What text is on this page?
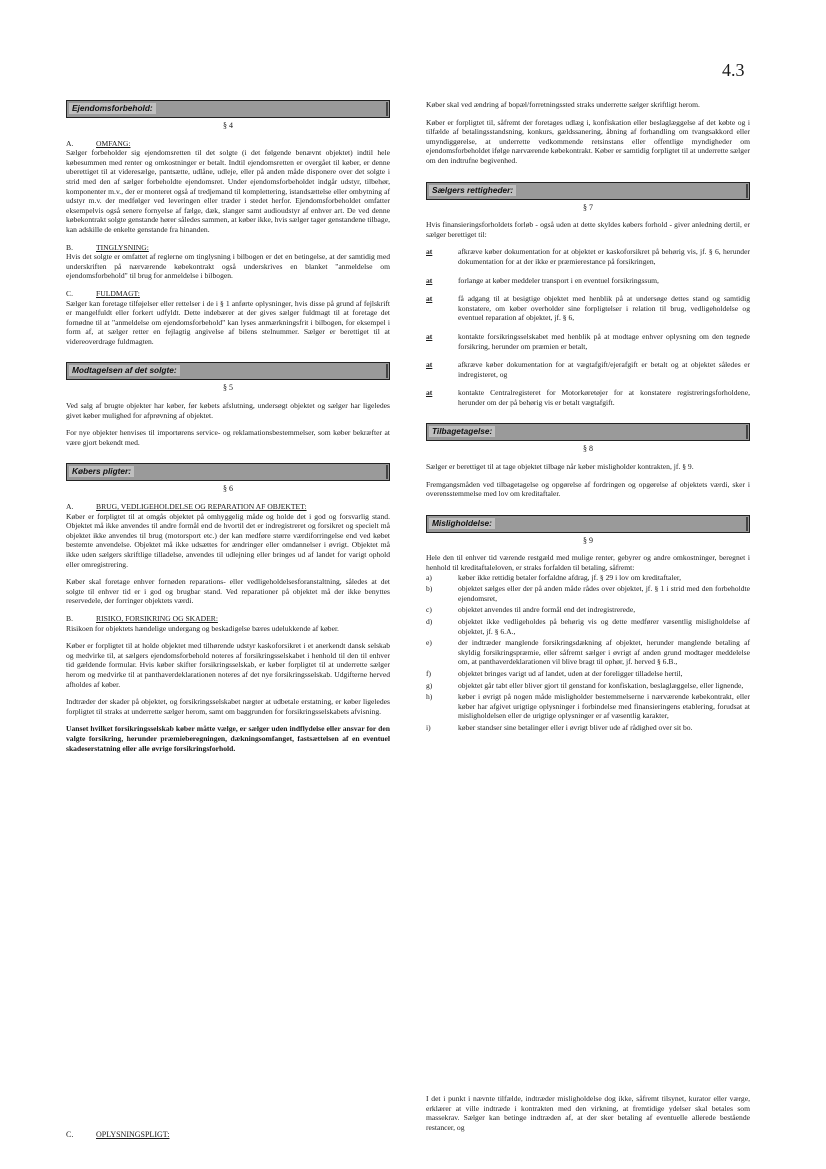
4.3
Ejendomsforbehold:
§ 4
A.	OMFANG:

Sælger forbeholder sig ejendomsretten til det solgte (i det følgende benævnt objektet) indtil hele købesummen med renter og omkostninger er betalt. Indtil ejendomsretten er overgået til køber, er denne uberettiget til at videresælge, pantsætte, udlåne, udleje, eller på anden måde disponere over det solgte i strid med den af sælger forbeholdte ejendomsret. Under ejendomsforbeholdet indgår udstyr, tilbehør, komponenter m.v., der er monteret også af tredjemand til komplettering, istandsættelse eller ombytning af udstyr m.v. der medfølger ved leveringen eller træder i stedet herfor. Ejendomsforbeholdet omfatter eksempelvis også senere fornyelse af fælge, dæk, slanger samt audioudstyr af enhver art. De ved denne købekontrakt solgte genstande hører således sammen, at køber ikke, hvis sælger tager genstandene tilbage, kan adskille de enkelte genstande fra hinanden.

B.	TINGLYSNING:

Hvis det solgte er omfattet af reglerne om tinglysning i bilbogen er det en betingelse, at der samtidig med underskriften på nærværende købekontrakt også underskrives en blanket "anmeldelse om ejendomsforbehold" til brug for anmeldelse i bilbogen.

C.	FULDMAGT:

Sælger kan foretage tilføjelser eller rettelser i de i § 1 anførte oplysninger, hvis disse på grund af fejlskrift er mangelfuldt eller forkert udfyldt. Dette indebærer at der gives sælger fuldmagt til at foretage det fornødne til at "anmeldelse om ejendomsforbehold" kan lyses anmærkningsfrit i bilbogen, for eksempel i form af, at sælger retter en fejlagtig angivelse af bilens stelnummer. Sælger er berettiget til at videreoverdrage fuldmagten.

Modtagelsen af det solgte:
§ 5

Ved salg af brugte objekter har køber, før købets afslutning, undersøgt objektet og sælger har ligeledes givet køber mulighed for afprøvning af objektet.

For nye objekter henvises til importørens service- og reklamationsbestemmelser, som køber bekræfter at være gjort bekendt med.

Købers pligter:
§ 6
A.	BRUG, VEDLIGEHOLDELSE OG REPARATION AF OBJEKTET:

Køber er forpligtet til at omgås objektet på omhyggelig måde og holde det i god og forsvarlig stand. Objektet må ikke anvendes til andre formål end de hvortil det er indregistreret og forsikret og specielt må objektet ikke anvendes til brug (motorsport etc.) der kan medføre større værdiforringelse end ved købet bestemte anvendelse. Objektet må ikke udsættes for ændringer eller omdannelser i øvrigt. Objektet må ikke uden sælgers skriftlige tilladelse, anvendes til udlejning eller bringes ud af landet for varigt ophold eller omregistrering.

Køber skal foretage enhver fornøden reparations- eller vedligeholdelsesforanstaltning, således at det solgte til enhver tid er i god og brugbar stand. Ved reparationer på objektet må der ikke benyttes reservedele, der forringer objektets værdi.

B.	RISIKO, FORSIKRING OG SKADER:

Risikoen for objektets hændelige undergang og beskadigelse bæres udelukkende af køber.

Køber er forpligtet til at holde objektet med tilhørende udstyr kaskoforsikret i et anerkendt dansk selskab og medvirke til, at sælgers ejendomsforbehold noteres af forsikringsselskabet i henhold til den til enhver tid gældende formular. Hvis køber skifter forsikringsselskab, er køber forpligtet til at underrette sælger herom og medvirke til at panthaverdeklarationen noteres af det nye forsikringsselskab. Udgifterne herved afholdes af køber.

Indtræder der skader på objektet, og forsikringsselskabet nægter at udbetale erstatning, er køber ligeledes forpligtet til straks at underrette sælger herom, samt om baggrunden for forsikringsselskabets afvisning.

Uanset hvilket forsikringsselskab køber måtte vælge, er sælger uden indflydelse eller ansvar for den valgte forsikring, herunder præmieberegningen, dækningsomfanget, fastsættelsen af en eventuel skadeserstatning eller alle øvrige forsikringsforhold.

C.	OPLYSNINGSPLIGT:

Køber skal ved ændring af bopæl/forretningssted straks underrette sælger skriftligt herom.

Køber er forpligtet til, såfremt der foretages udlæg i, konfiskation eller beslaglæggelse af det købte og i tilfælde af betalingsstandsning, konkurs, gældssanering, åbning af forhandling om tvangsakkord eller umyndiggørelse, at underrette vedkommende retsinstans eller offentlige myndigheder om ejendomsforbeholdet ifølge nærværende købekontrakt. Køber er samtidig forpligtet til at underrette sælger om den indtrufne begivenhed.

Sælgers rettigheder:
§ 7

Hvis finansieringsforholdets forløb - også uden at dette skyldes købers forhold - giver anledning dertil, er sælger berettiget til:

at	afkræve køber dokumentation for at objektet er kaskoforsikret på behørig vis, jf. § 6, herunder dokumentation for at der ikke er præmierestance på forsikringen,
at	forlange at køber meddeler transport i en eventuel forsikringssum,
at	få adgang til at besigtige objektet med henblik på at undersøge dettes stand og samtidig konstatere, om køber overholder sine forpligtelser i relation til brug, vedligeholdelse og eventuel reparation af objektet, jf. § 6,
at	kontakte forsikringsselskabet med henblik på at modtage enhver oplysning om den tegnede forsikring, herunder om præmien er betalt,
at	afkræve køber dokumentation for at vægtafgift/ejerafgift er betalt og at objektet således er indregisteret, og
at	kontakte Centralregisteret for Motorkøretøjer for at konstatere registreringsforholdene, herunder om der på behørig vis er betalt vægtafgift.
Tilbagetagelse:
§ 8

Sælger er berettiget til at tage objektet tilbage når køber misligholder kontrakten, jf. § 9.

Fremgangsmåden ved tilbagetagelse og opgørelse af fordringen og opgørelse af objektets værdi, sker i overensstemmelse med lov om kreditaftaler.

Misligholdelse:
§ 9

Hele den til enhver tid værende restgæld med mulige renter, gebyrer og andre omkostninger, beregnet i henhold til kreditaftaleloven, er straks forfalden til betaling, såfremt:

a)	køber ikke rettidig betaler forfaldne afdrag, jf. § 29 i lov om kreditaftaler,
b)	objektet sælges eller der på anden måde rådes over objektet, jf. § 1 i strid med den forbeholdte ejendomsret,
c)	objektet anvendes til andre formål end det indregistrerede,
d)	objektet ikke vedligeholdes på behørig vis og dette medfører væsentlig misligholdelse af objektet, jf. § 6.A.,
e)	der indtræder manglende forsikringsdækning af objektet, herunder manglende betaling af skyldig forsikringspræmie, eller såfremt sælger i øvrigt af anden grund modtager meddelelse om, at panthaverdeklarationen vil blive bragt til ophør, jf. herved § 6.B.,
f)	objektet bringes varigt ud af landet, uden at der foreligger tilladelse hertil,
g)	objektet går tabt eller bliver gjort til genstand for konfiskation, beslaglæggelse, eller lignende,
h)	køber i øvrigt på nogen måde misligholder bestemmelserne i nærværende købekontrakt, eller køber har afgivet urigtige oplysninger i forbindelse med finansieringens etablering, forudsat at misligholdelsen eller de urigtige oplysninger er af væsentlig karakter,
i)	køber standser sine betalinger eller i øvrigt bliver ude af rådighed over sit bo.
I det i punkt i nævnte tilfælde, indtræder misligholdelse dog ikke, såfremt tilsynet, kurator eller værge, erklærer at ville indtræde i kontrakten med den virkning, at fremtidige ydelser skal betales som massekrav. Sælger kan betinge indtræden af, at der sker betaling af eventuelle allerede bestående restancer, og
